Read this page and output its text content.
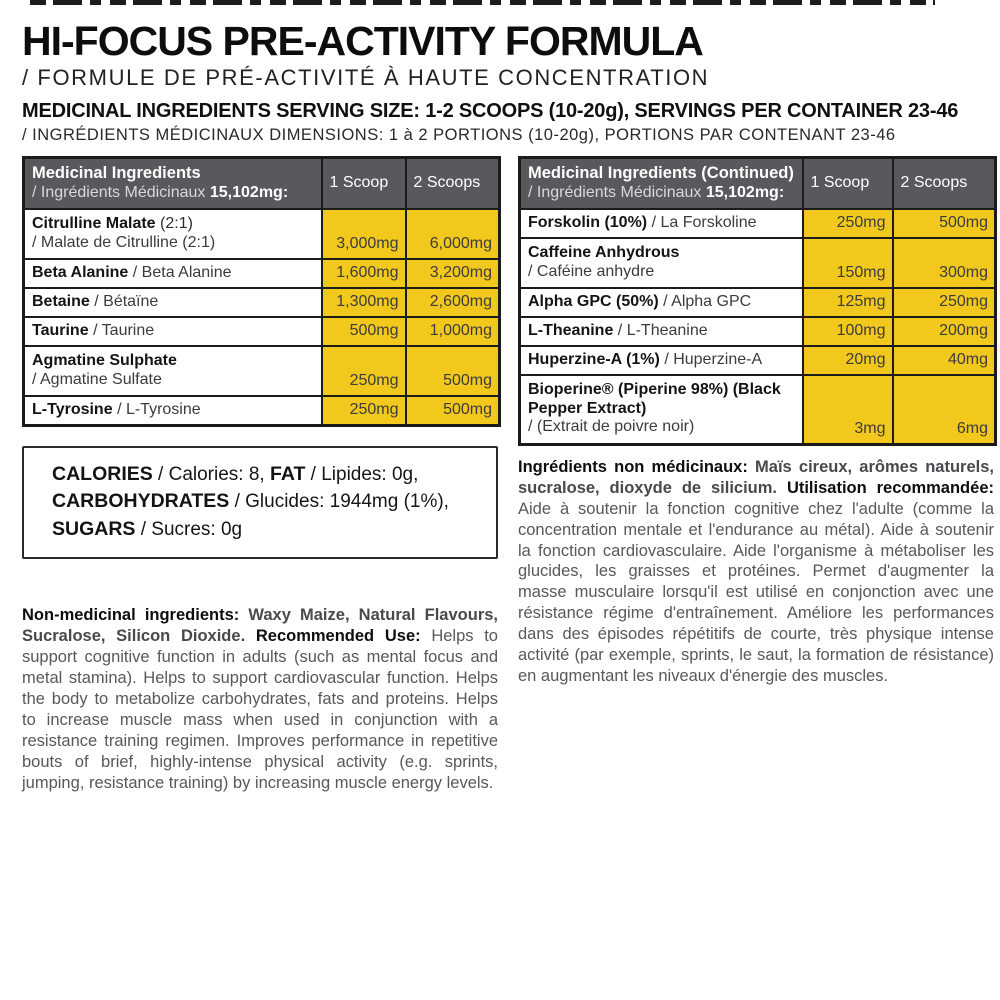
HI-FOCUS PRE-ACTIVITY FORMULA
/ FORMULE DE PRÉ-ACTIVITÉ À HAUTE CONCENTRATION
MEDICINAL INGREDIENTS SERVING SIZE: 1-2 SCOOPS (10-20g), SERVINGS PER CONTAINER 23-46
/ INGRÉDIENTS MÉDICINAUX DIMENSIONS: 1 à 2 PORTIONS (10-20g), PORTIONS PAR CONTENANT 23-46
Medicinal Ingredients
/ Ingrédients Médicinaux 15,102mg:	1 Scoop	2 Scoops
Citrulline Malate (2:1)
/ Malate de Citrulline (2:1)	3,000mg	6,000mg
Beta Alanine / Beta Alanine	1,600mg	3,200mg
Betaine / Bétaïne	1,300mg	2,600mg
Taurine / Taurine	500mg	1,000mg
Agmatine Sulphate
/ Agmatine Sulfate	250mg	500mg
L-Tyrosine / L-Tyrosine	250mg	500mg
CALORIES / Calories: 8, FAT / Lipides: 0g,
CARBOHYDRATES / Glucides: 1944mg (1%),
SUGARS / Sucres: 0g
Non-medicinal ingredients: Waxy Maize, Natural Flavours, Sucralose, Silicon Dioxide. Recommended Use: Helps to support cognitive function in adults (such as mental focus and metal stamina). Helps to support cardiovascular function. Helps the body to metabolize carbohydrates, fats and proteins. Helps to increase muscle mass when used in conjunction with a resistance training regimen. Improves performance in repetitive bouts of brief, highly-intense physical activity (e.g. sprints, jumping, resistance training) by increasing muscle energy levels.
Medicinal Ingredients (Continued)
/ Ingrédients Médicinaux 15,102mg:	1 Scoop	2 Scoops
Forskolin (10%) / La Forskoline	250mg	500mg
Caffeine Anhydrous
/ Caféine anhydre	150mg	300mg
Alpha GPC (50%) / Alpha GPC	125mg	250mg
L-Theanine / L-Theanine	100mg	200mg
Huperzine-A (1%) / Huperzine-A	20mg	40mg
Bioperine® (Piperine 98%) (Black Pepper Extract)
/ (Extrait de poivre noir)	3mg	6mg
Ingrédients non médicinaux: Maïs cireux, arômes naturels, sucralose, dioxyde de silicium. Utilisation recommandée: Aide à soutenir la fonction cognitive chez l'adulte (comme la concentration mentale et l'endurance au métal). Aide à soutenir la fonction cardiovasculaire. Aide l'organisme à métaboliser les glucides, les graisses et protéines. Permet d'augmenter la masse musculaire lorsqu'il est utilisé en conjonction avec une résistance régime d'entraînement. Améliore les performances dans des épisodes répétitifs de courte, très physique intense activité (par exemple, sprints, le saut, la formation de résistance) en augmentant les niveaux d'énergie des muscles.
